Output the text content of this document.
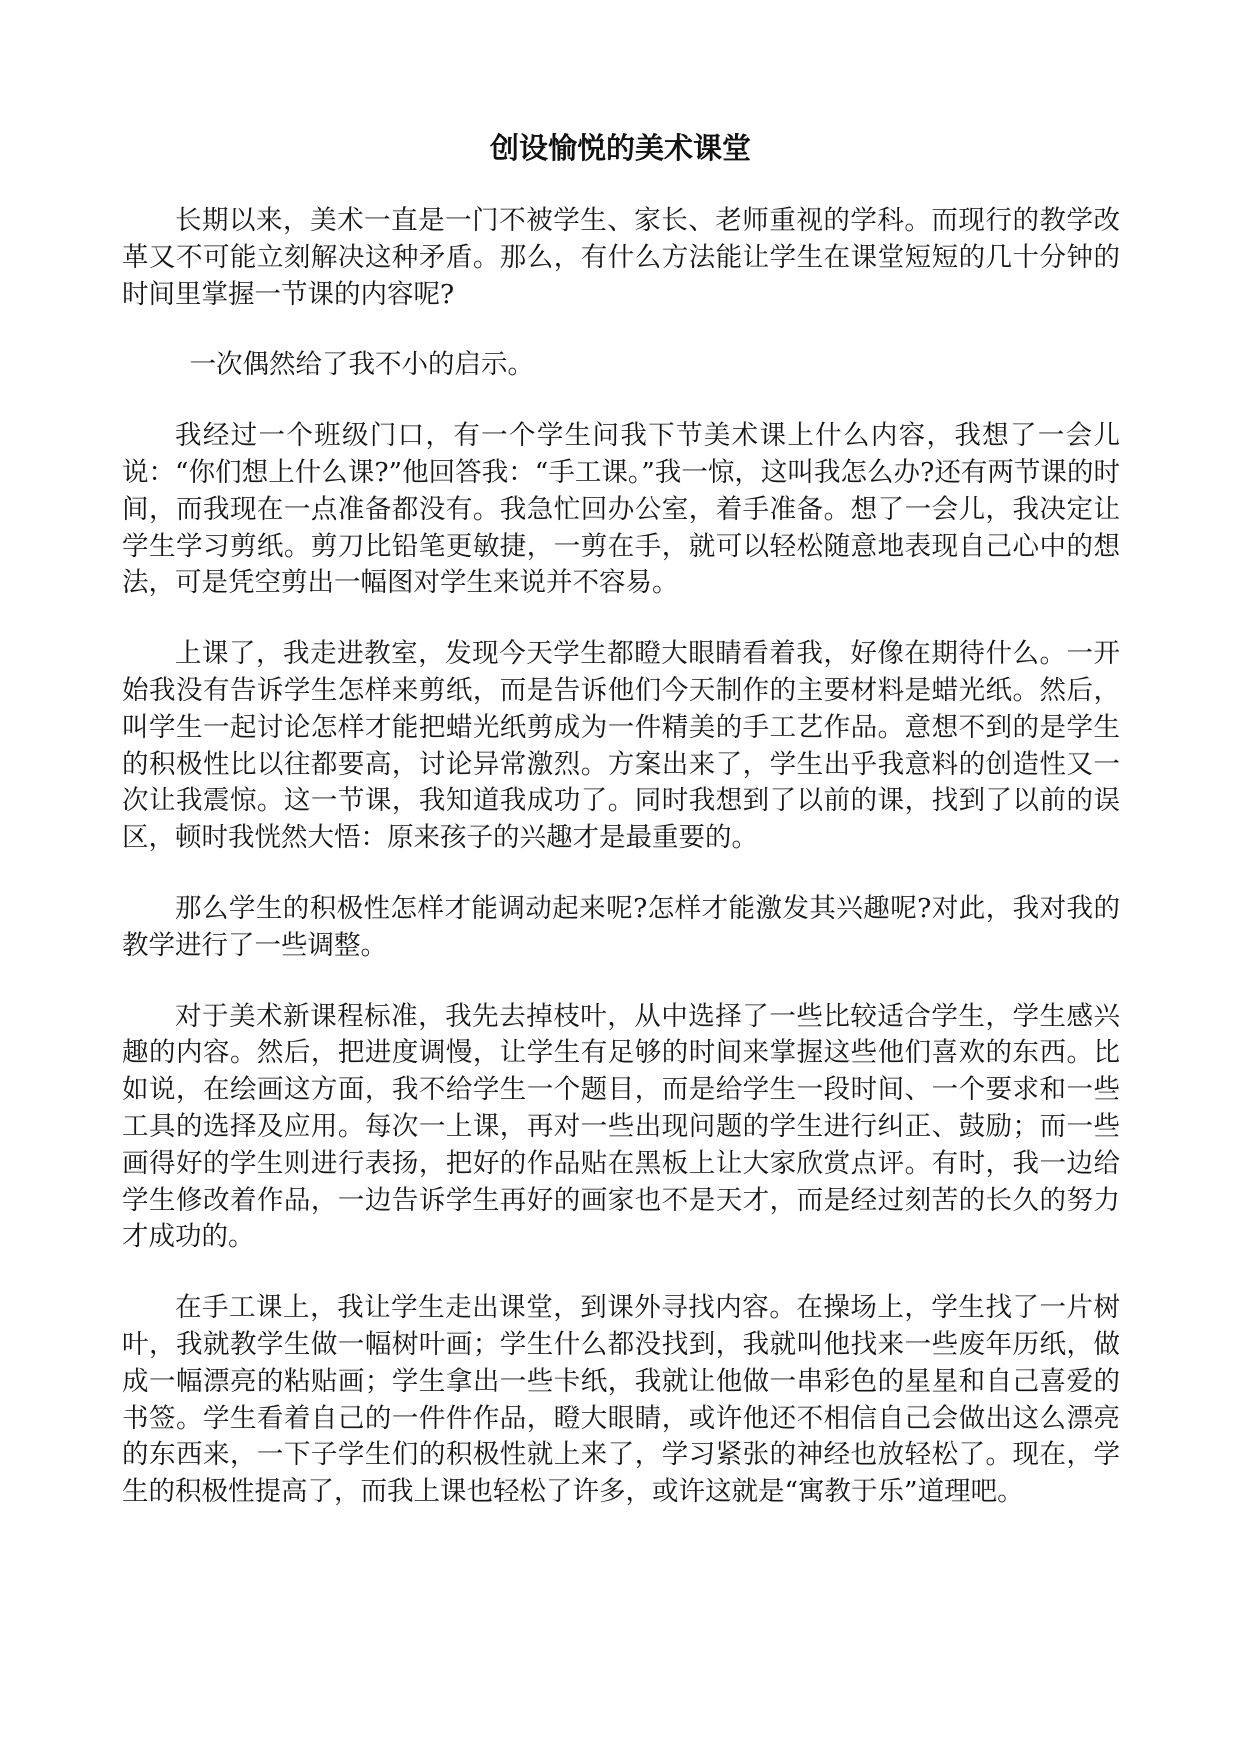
创设愉悦的美术课堂

长期以来，美术一直是一门不被学生、家长、老师重视的学科。而现行的教学改革又不可能立刻解决这种矛盾。那么，有什么方法能让学生在课堂短短的几十分钟的时间里掌握一节课的内容呢?

一次偶然给了我不小的启示。

我经过一个班级门口，有一个学生问我下节美术课上什么内容，我想了一会儿说：“你们想上什么课?”他回答我：“手工课。”我一惊，这叫我怎么办?还有两节课的时间，而我现在一点准备都没有。我急忙回办公室，着手准备。想了一会儿，我决定让学生学习剪纸。剪刀比铅笔更敏捷，一剪在手，就可以轻松随意地表现自己心中的想法，可是凭空剪出一幅图对学生来说并不容易。

上课了，我走进教室，发现今天学生都瞪大眼睛看着我，好像在期待什么。一开始我没有告诉学生怎样来剪纸，而是告诉他们今天制作的主要材料是蜡光纸。然后，叫学生一起讨论怎样才能把蜡光纸剪成为一件精美的手工艺作品。意想不到的是学生的积极性比以往都要高，讨论异常激烈。方案出来了，学生出乎我意料的创造性又一次让我震惊。这一节课，我知道我成功了。同时我想到了以前的课，找到了以前的误区，顿时我恍然大悟：原来孩子的兴趣才是最重要的。

那么学生的积极性怎样才能调动起来呢?怎样才能激发其兴趣呢?对此，我对我的教学进行了一些调整。

对于美术新课程标准，我先去掉枝叶，从中选择了一些比较适合学生，学生感兴趣的内容。然后，把进度调慢，让学生有足够的时间来掌握这些他们喜欢的东西。比如说，在绘画这方面，我不给学生一个题目，而是给学生一段时间、一个要求和一些工具的选择及应用。每次一上课，再对一些出现问题的学生进行纠正、鼓励；而一些画得好的学生则进行表扬，把好的作品贴在黑板上让大家欣赏点评。有时，我一边给学生修改着作品，一边告诉学生再好的画家也不是天才，而是经过刻苦的长久的努力才成功的。

在手工课上，我让学生走出课堂，到课外寻找内容。在操场上，学生找了一片树叶，我就教学生做一幅树叶画；学生什么都没找到，我就叫他找来一些废年历纸，做成一幅漂亮的粘贴画；学生拿出一些卡纸，我就让他做一串彩色的星星和自己喜爱的书签。学生看着自己的一件件作品，瞪大眼睛，或许他还不相信自己会做出这么漂亮的东西来，一下子学生们的积极性就上来了，学习紧张的神经也放轻松了。现在，学生的积极性提高了，而我上课也轻松了许多，或许这就是“寓教于乐”道理吧。
